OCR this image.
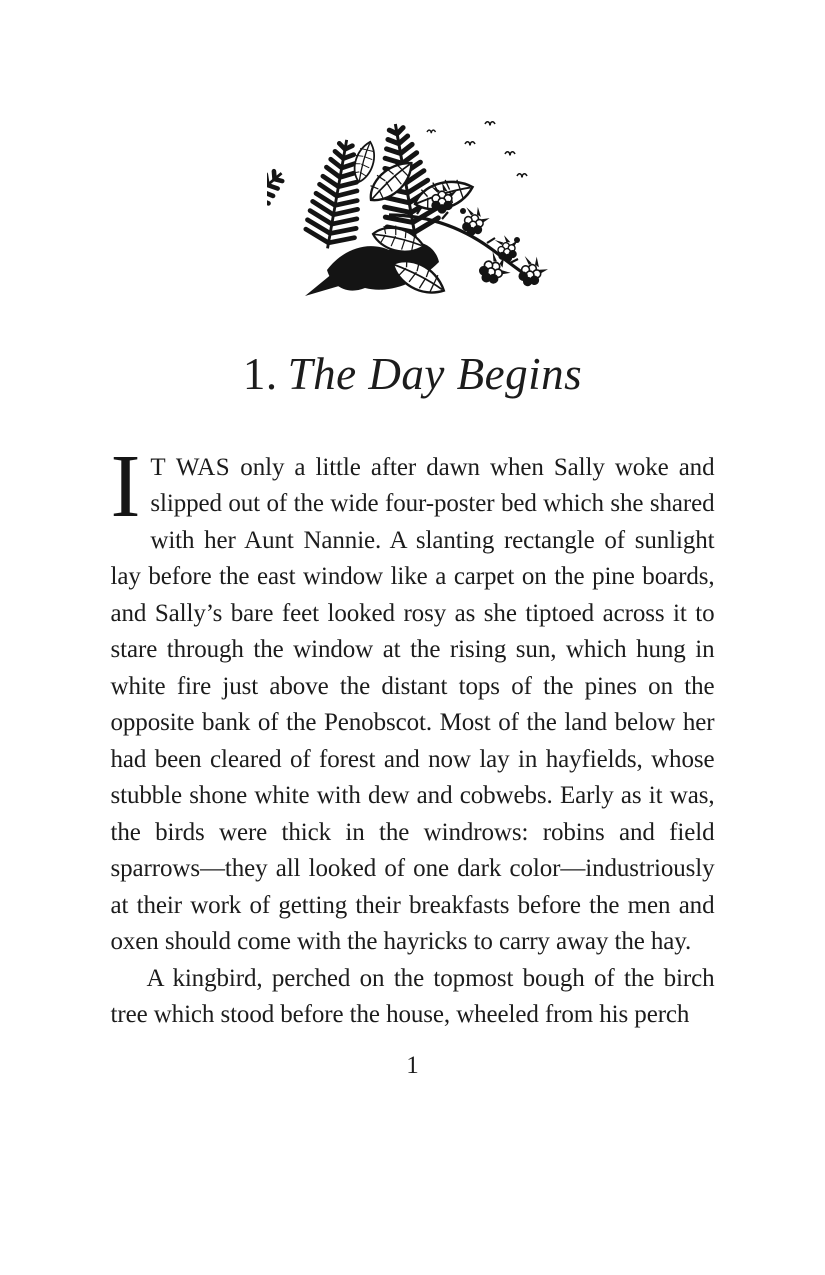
1. The Day Begins

I T WAS only a little after dawn when Sally woke and slipped out of the wide four-poster bed which she shared with her Aunt Nannie. A slanting rectangle of sunlight lay before the east window like a carpet on the pine boards, and Sally’s bare feet looked rosy as she tiptoed across it to stare through the window at the rising sun, which hung in white fire just above the distant tops of the pines on the opposite bank of the Penobscot. Most of the land below her had been cleared of forest and now lay in hayfields, whose stubble shone white with dew and cobwebs. Early as it was, the birds were thick in the windrows: robins and field sparrows—they all looked of one dark color—industriously at their work of getting their breakfasts before the men and oxen should come with the hayricks to carry away the hay.

A kingbird, perched on the topmost bough of the birch tree which stood before the house, wheeled from his perch

1
